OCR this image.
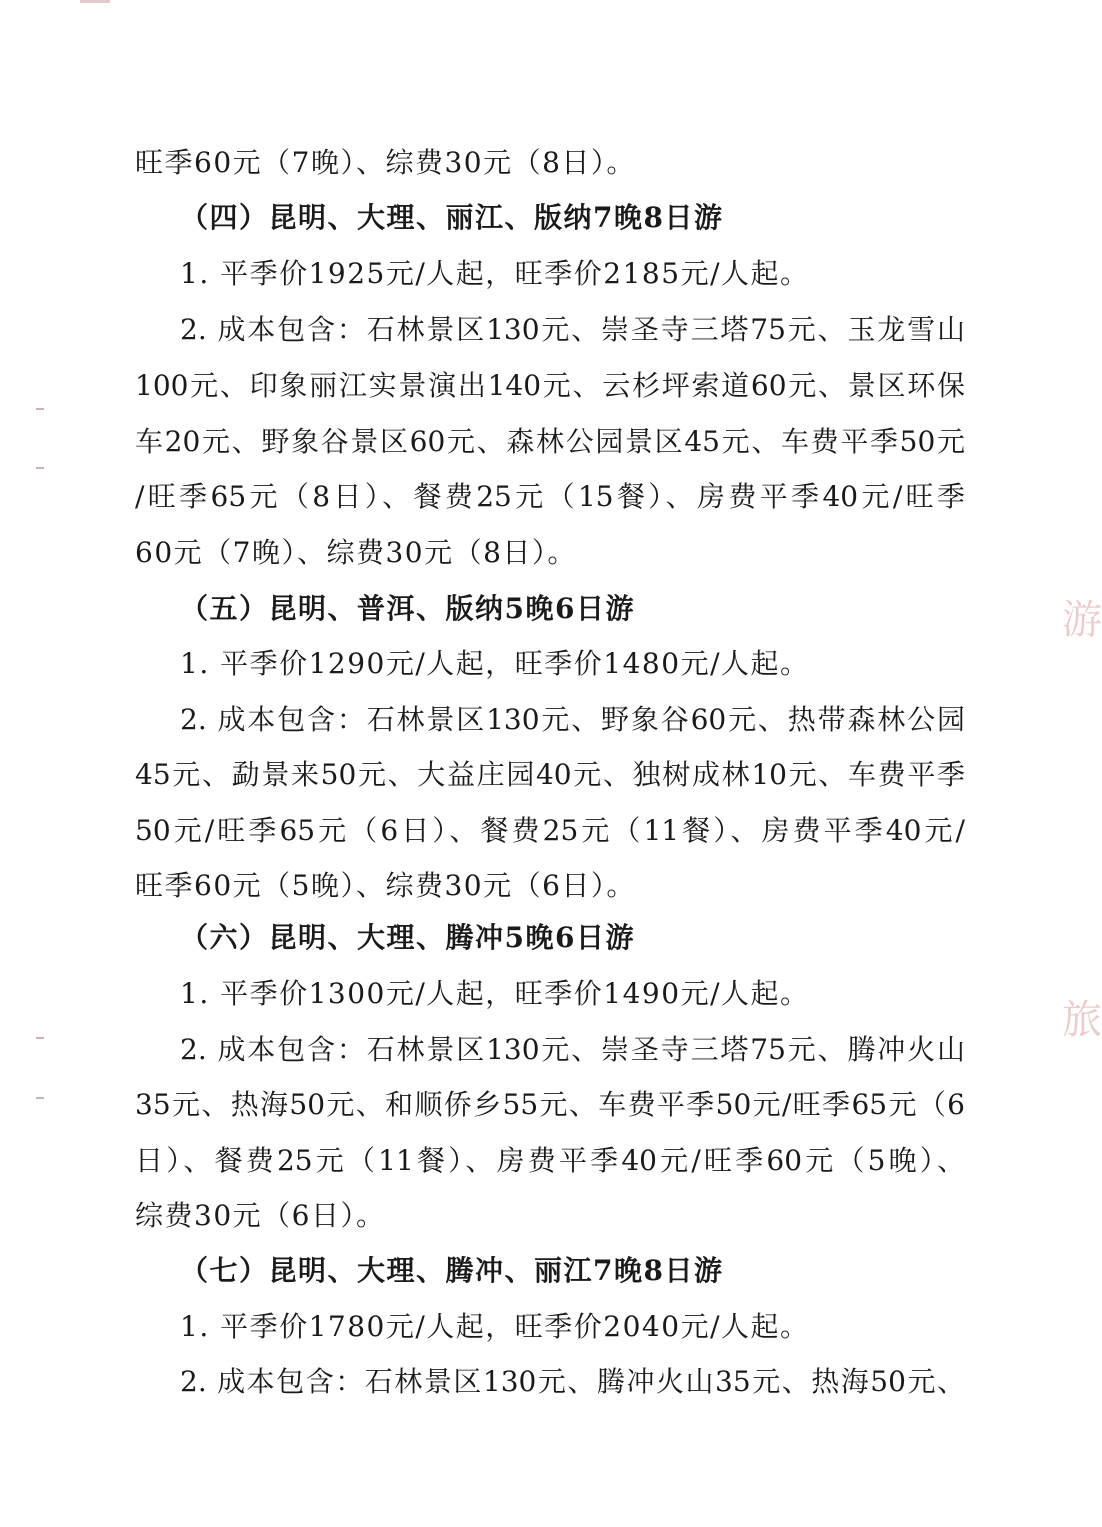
旺季60元（7晚）、综费30元（8日）。
（四）昆明、大理、丽江、版纳7晚8日游
1. 平季价1925元/人起，旺季价2185元/人起。
2. 成本包含：石林景区130元、崇圣寺三塔75元、玉龙雪山
100元、印象丽江实景演出140元、云杉坪索道60元、景区环保
车20元、野象谷景区60元、森林公园景区45元、车费平季50元
/旺季65元（8日）、餐费25元（15餐）、房费平季40元/旺季
60元（7晚）、综费30元（8日）。
（五）昆明、普洱、版纳5晚6日游
1. 平季价1290元/人起，旺季价1480元/人起。
2. 成本包含：石林景区130元、野象谷60元、热带森林公园
45元、勐景来50元、大益庄园40元、独树成林10元、车费平季
50元/旺季65元（6日）、餐费25元（11餐）、房费平季40元/
旺季60元（5晚）、综费30元（6日）。
（六）昆明、大理、腾冲5晚6日游
1. 平季价1300元/人起，旺季价1490元/人起。
2. 成本包含：石林景区130元、崇圣寺三塔75元、腾冲火山
35元、热海50元、和顺侨乡55元、车费平季50元/旺季65元（6
日）、餐费25元（11餐）、房费平季40元/旺季60元（5晚）、
综费30元（6日）。
（七）昆明、大理、腾冲、丽江7晚8日游
1. 平季价1780元/人起，旺季价2040元/人起。
2. 成本包含：石林景区130元、腾冲火山35元、热海50元、
旅
游
